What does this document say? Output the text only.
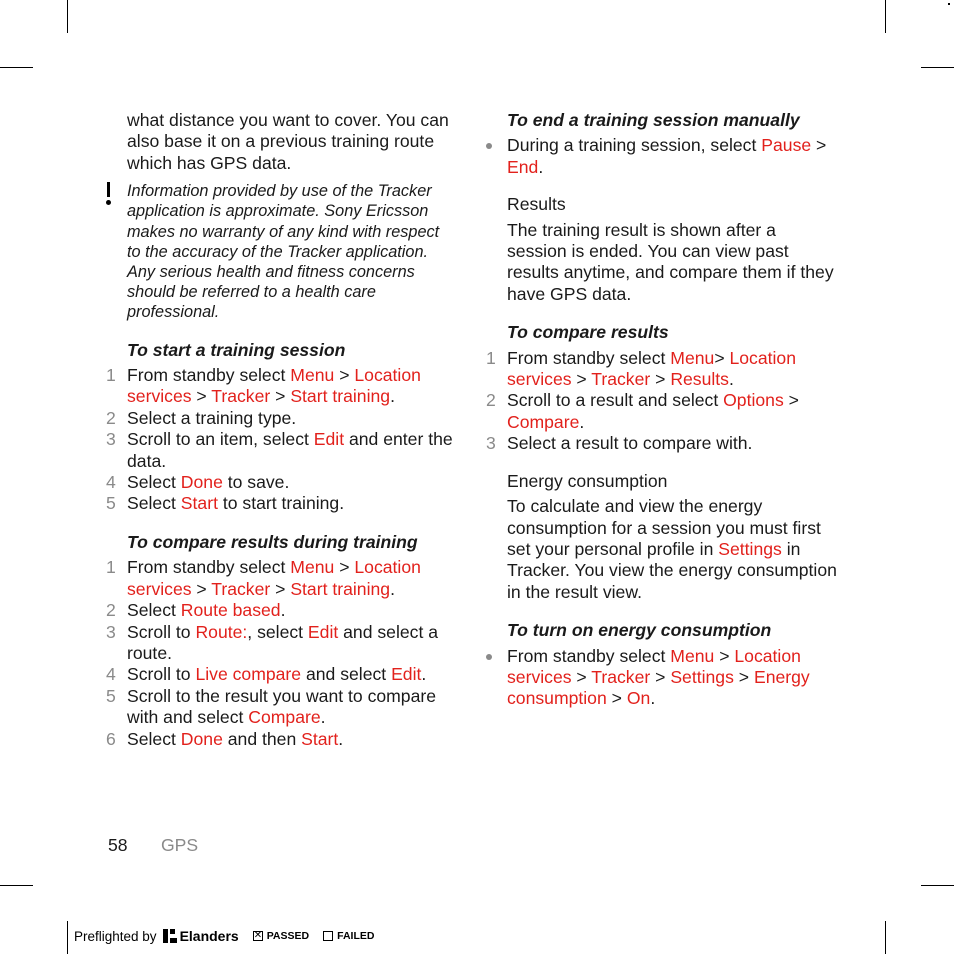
what distance you want to cover. You can also base it on a previous training route which has GPS data.

Information provided by use of the Tracker application is approximate. Sony Ericsson makes no warranty of any kind with respect to the accuracy of the Tracker application. Any serious health and fitness concerns should be referred to a health care professional.

To start a training session

1 From standby select Menu > Location services > Tracker > Start training.
2 Select a training type.
3 Scroll to an item, select Edit and enter the data.
4 Select Done to save.
5 Select Start to start training.

To compare results during training

1 From standby select Menu > Location services > Tracker > Start training.
2 Select Route based.
3 Scroll to Route:, select Edit and select a route.
4 Scroll to Live compare and select Edit.
5 Scroll to the result you want to compare with and select Compare.
6 Select Done and then Start.

To end a training session manually

During a training session, select Pause > End.

Results

The training result is shown after a session is ended. You can view past results anytime, and compare them if they have GPS data.

To compare results

1 From standby select Menu> Location services > Tracker > Results.
2 Scroll to a result and select Options > Compare.
3 Select a result to compare with.

Energy consumption

To calculate and view the energy consumption for a session you must first set your personal profile in Settings in Tracker. You view the energy consumption in the result view.

To turn on energy consumption

From standby select Menu > Location services > Tracker > Settings > Energy consumption > On.
58 GPS
Preflighted by Elanders ✕ PASSED	FAILED
